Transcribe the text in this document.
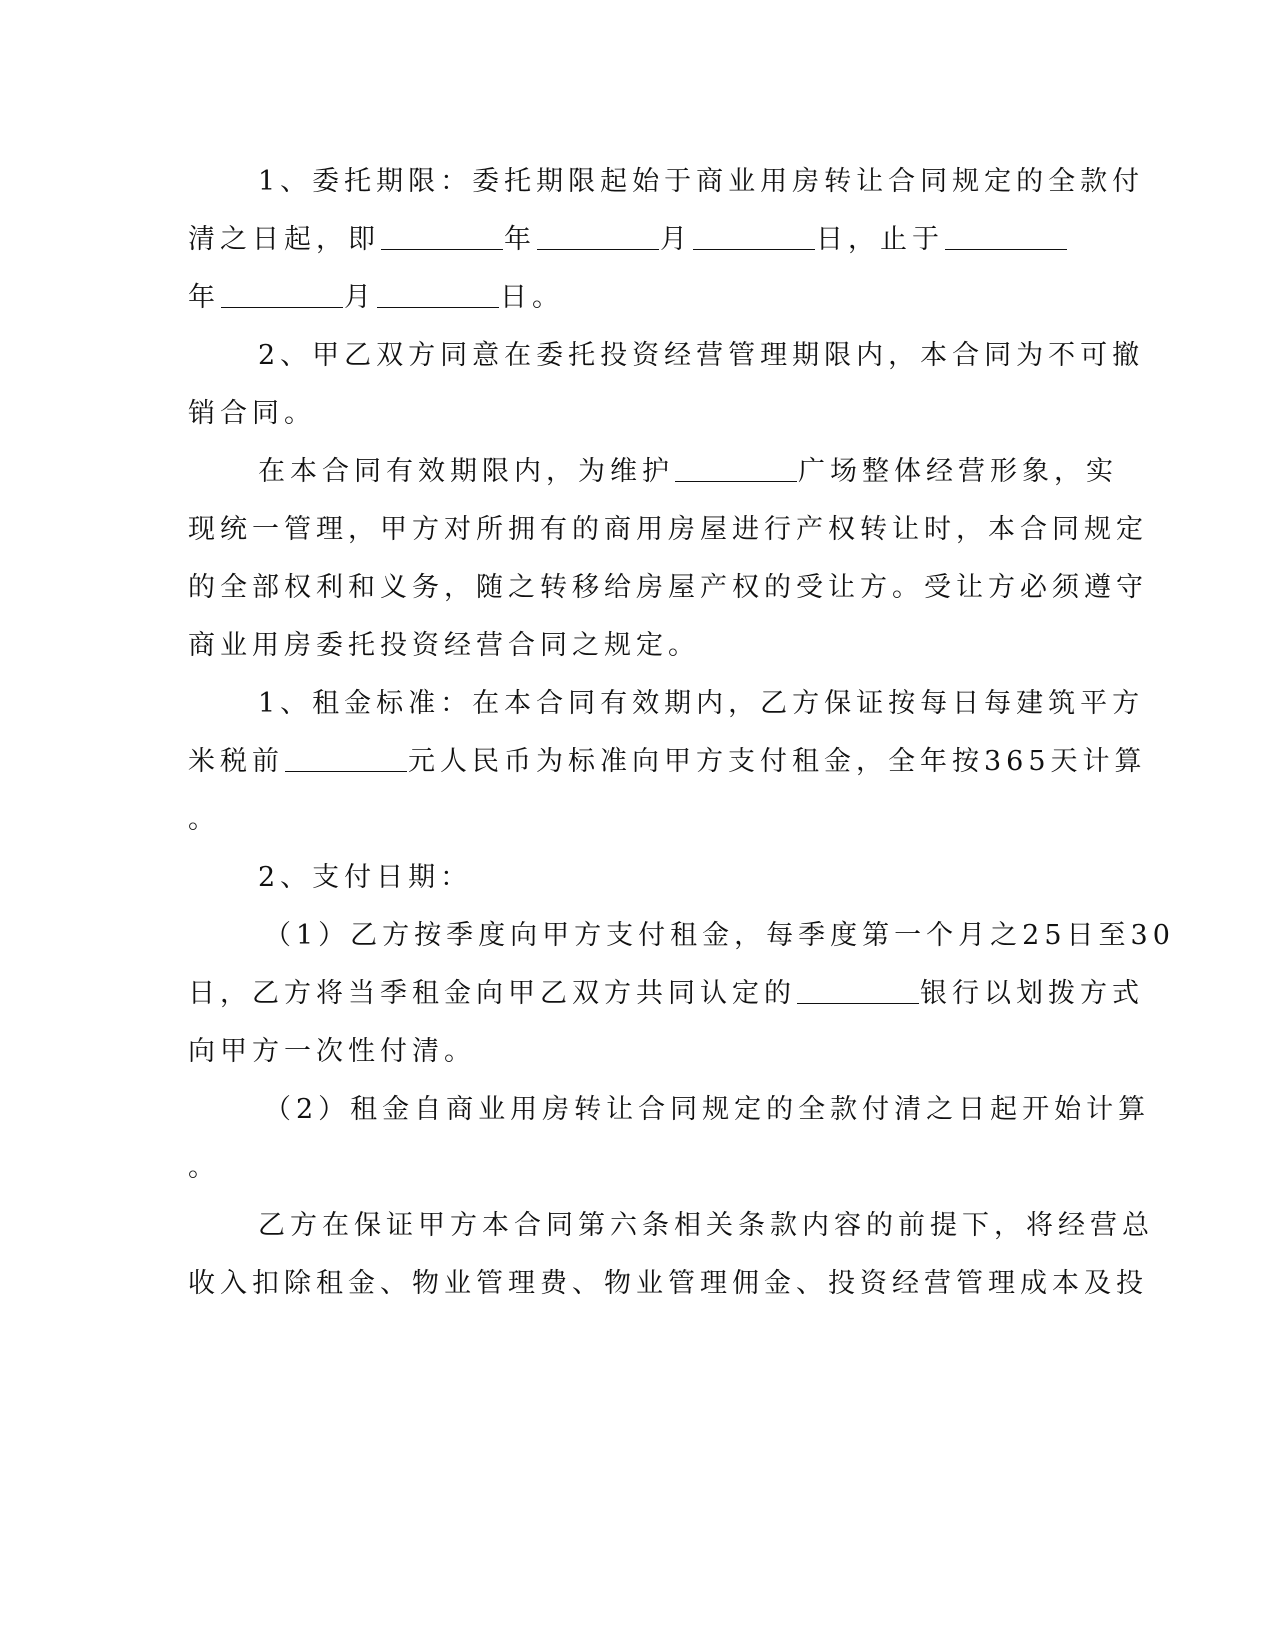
1、委托期限：委托期限起始于商业用房转让合同规定的全款付
清之日起，即	年	月	日，止于
年	月	日。
2、甲乙双方同意在委托投资经营管理期限内，本合同为不可撤
销合同。
在本合同有效期限内，为维护	广场整体经营形象，实
现统一管理，甲方对所拥有的商用房屋进行产权转让时，本合同规定
的全部权利和义务，随之转移给房屋产权的受让方。受让方必须遵守
商业用房委托投资经营合同之规定。
1、租金标准：在本合同有效期内，乙方保证按每日每建筑平方
米税前	元人民币为标准向甲方支付租金，全年按365天计算
。
2、支付日期：
（1）乙方按季度向甲方支付租金，每季度第一个月之25日至30
日，乙方将当季租金向甲乙双方共同认定的	银行以划拨方式
向甲方一次性付清。
（2）租金自商业用房转让合同规定的全款付清之日起开始计算
。
乙方在保证甲方本合同第六条相关条款内容的前提下，将经营总
收入扣除租金、物业管理费、物业管理佣金、投资经营管理成本及投
